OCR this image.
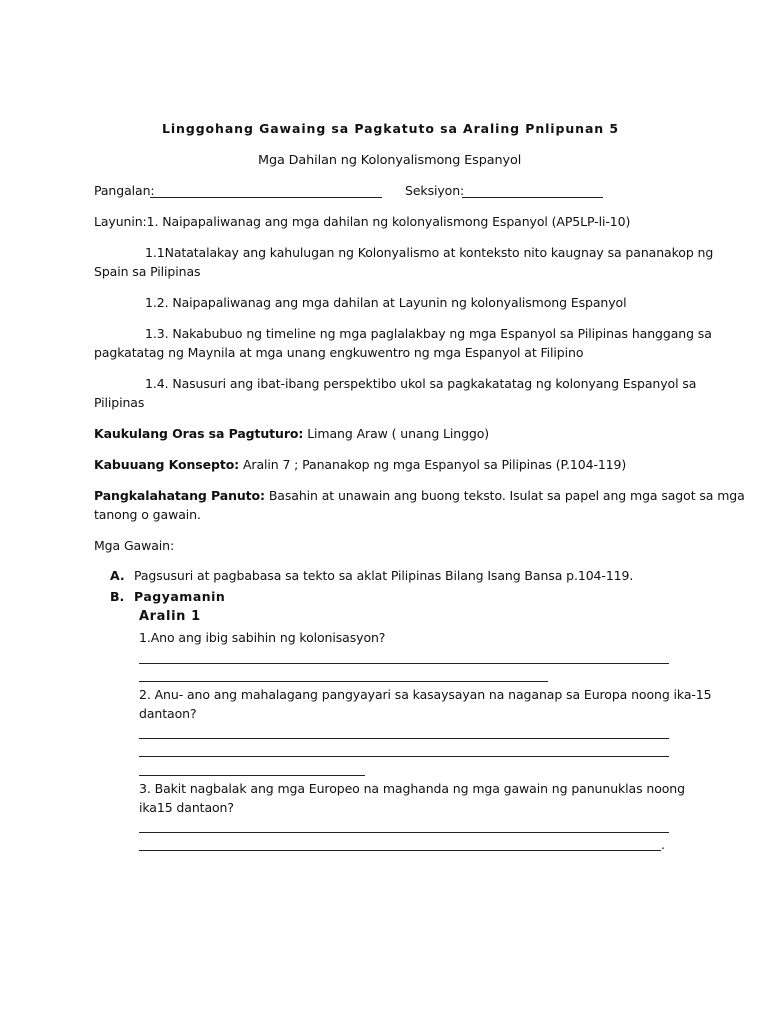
Linggohang Gawaing sa Pagkatuto sa Araling Pnlipunan 5
Mga Dahilan ng Kolonyalismong Espanyol
Pangalan:	Seksiyon:
Layunin:1. Naipapaliwanag ang mga dahilan ng kolonyalismong Espanyol (AP5LP-li-10)
1.1Natatalakay ang kahulugan ng Kolonyalismo at konteksto nito kaugnay sa pananakop ng
Spain sa Pilipinas
1.2. Naipapaliwanag ang mga dahilan at Layunin ng kolonyalismong Espanyol
1.3. Nakabubuo ng timeline ng mga paglalakbay ng mga Espanyol sa Pilipinas hanggang sa
pagkatatag ng Maynila at mga unang engkuwentro ng mga Espanyol at Filipino
1.4. Nasusuri ang ibat-ibang perspektibo ukol sa pagkakatatag ng kolonyang Espanyol sa
Pilipinas
Kaukulang Oras sa Pagtuturo: Limang Araw ( unang Linggo)
Kabuuang Konsepto: Aralin 7 ; Pananakop ng mga Espanyol sa Pilipinas (P.104-119)
Pangkalahatang Panuto: Basahin at unawain ang buong teksto. Isulat sa papel ang mga sagot sa mga
tanong o gawain.
Mga Gawain:
A. Pagsusuri at pagbabasa sa tekto sa aklat Pilipinas Bilang Isang Bansa p.104-119.
B. Pagyamanin
Aralin 1
1.Ano ang ibig sabihin ng kolonisasyon?
2. Anu- ano ang mahalagang pangyayari sa kasaysayan na naganap sa Europa noong ika-15
dantaon?
3. Bakit nagbalak ang mga Europeo na maghanda ng mga gawain ng panunuklas noong
ika15 dantaon?
.
